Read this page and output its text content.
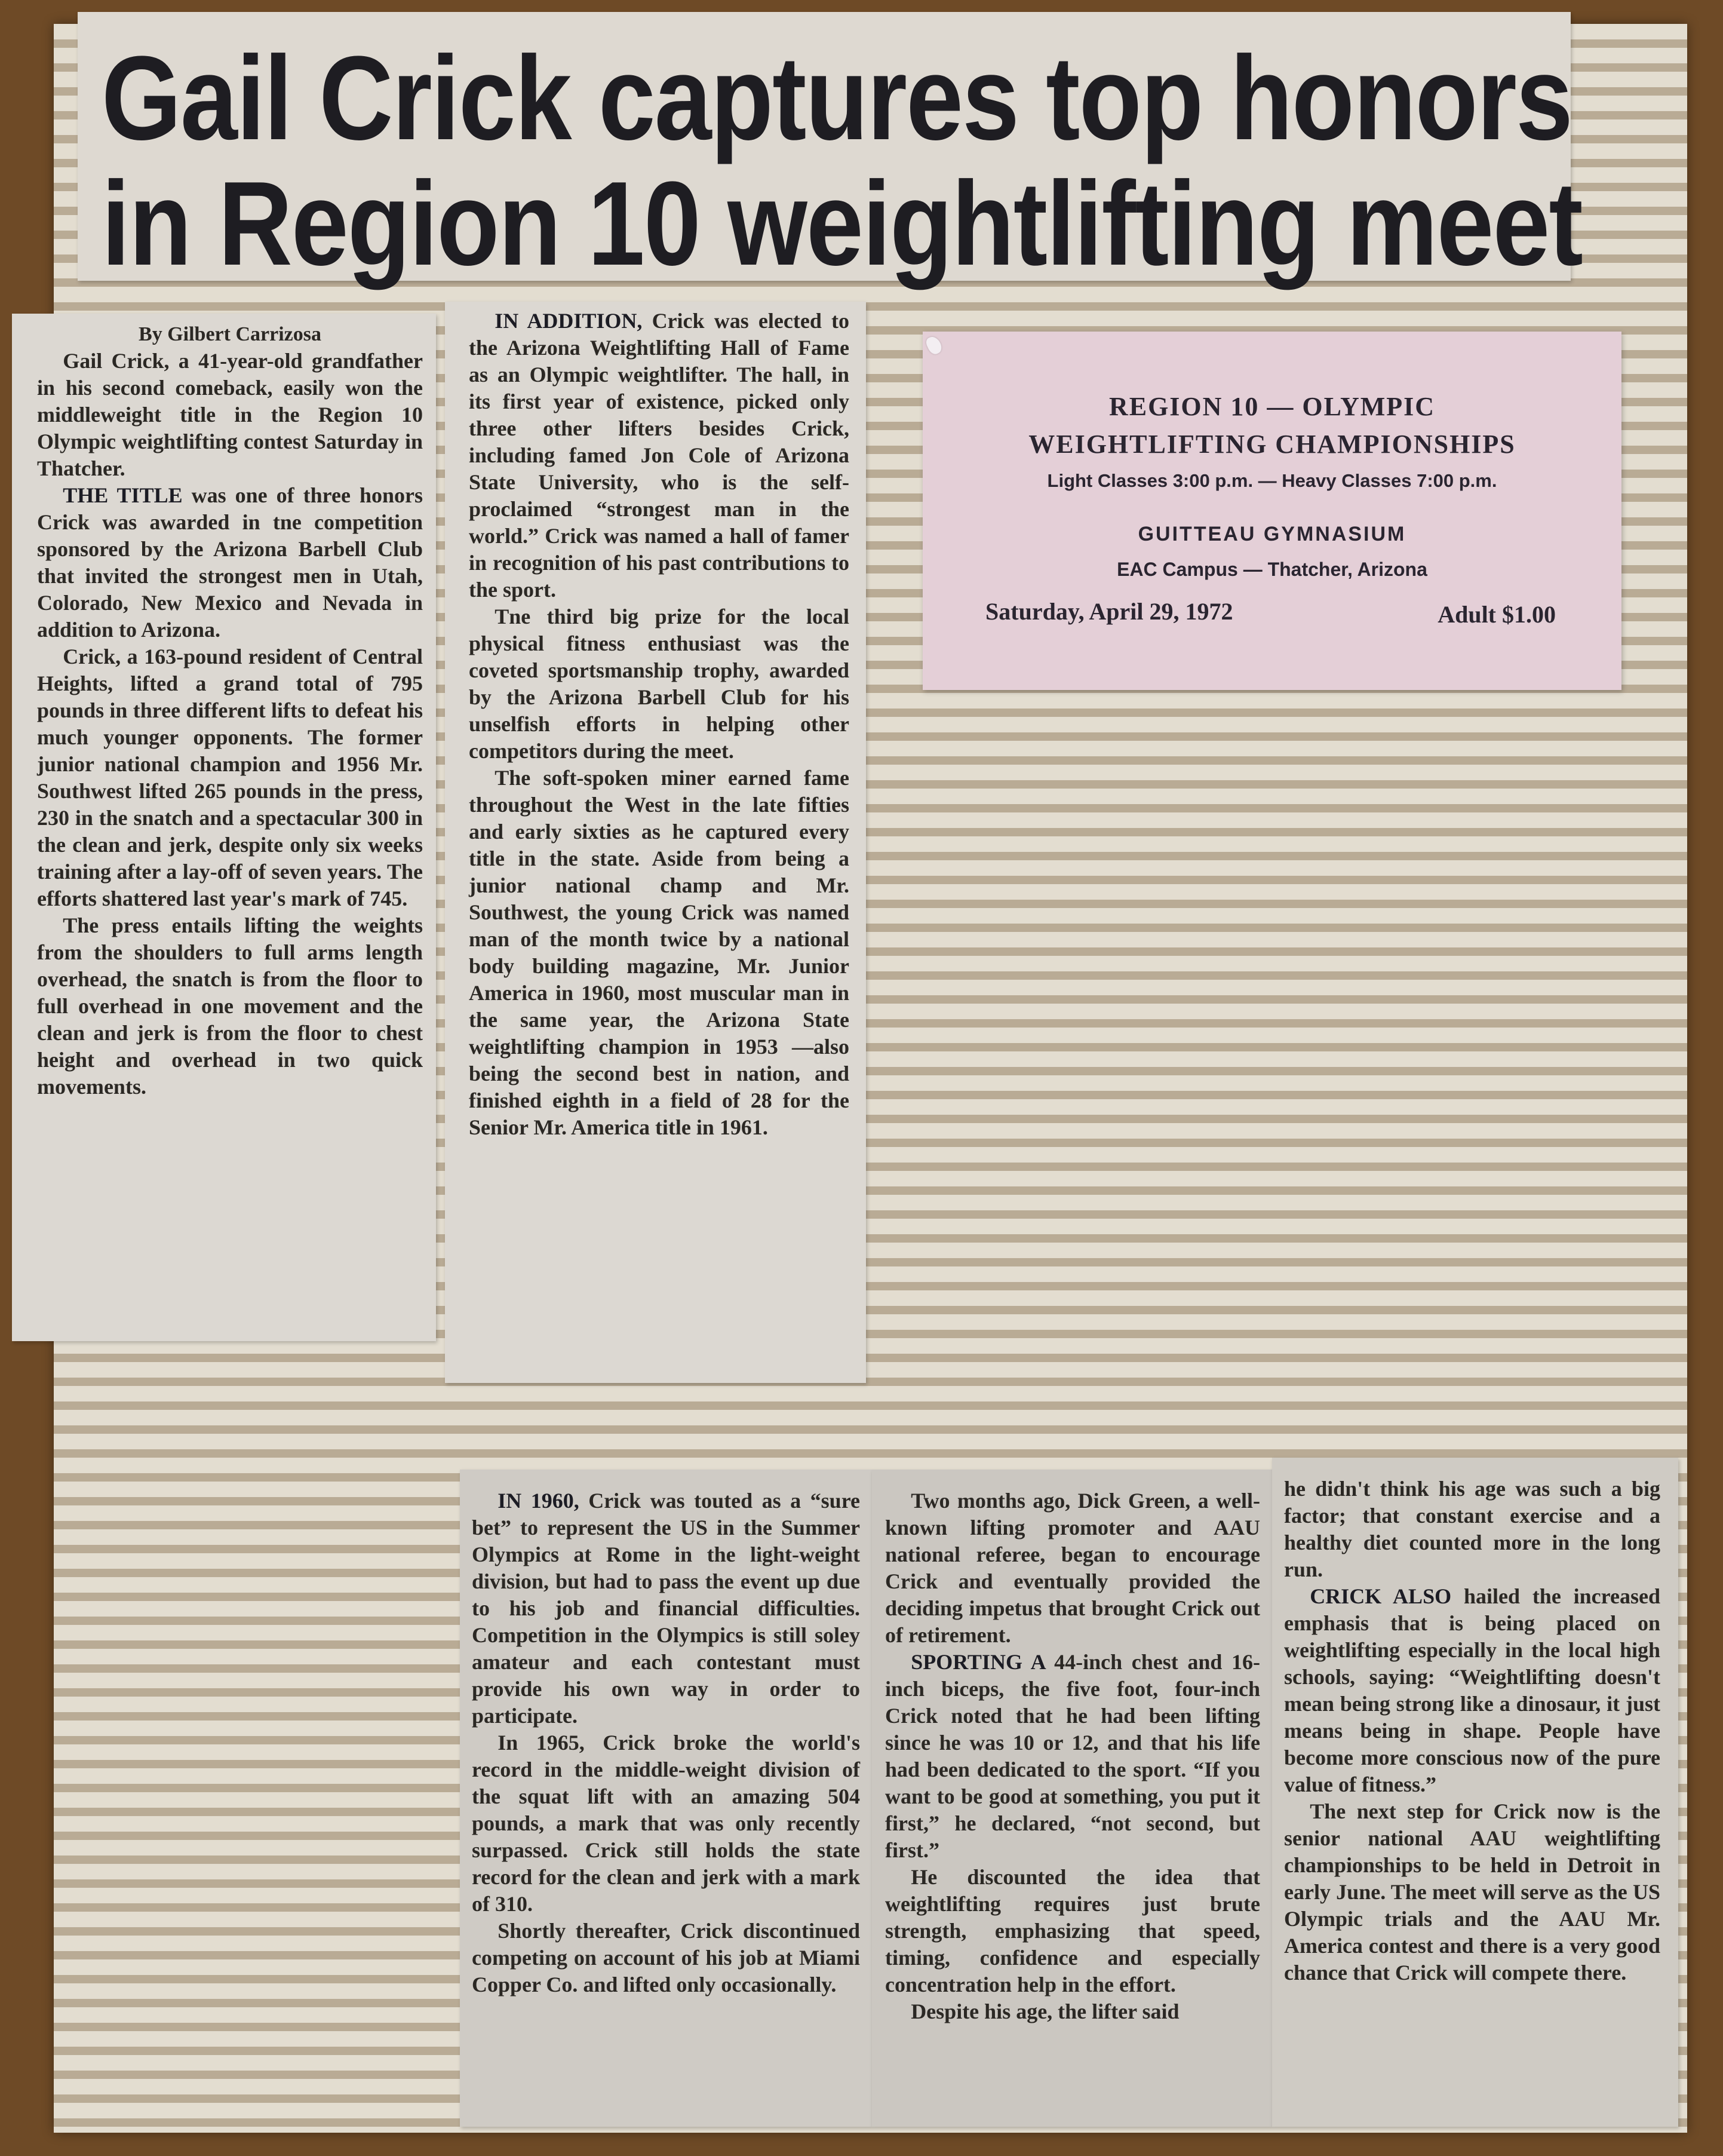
Gail Crick captures top honors
in Region 10 weightlifting meet

By Gilbert Carrizosa

Gail Crick, a 41-year-old grandfather in his second comeback, easily won the middleweight title in the Region 10 Olympic weightlifting contest Saturday in Thatcher.

THE TITLE was one of three honors Crick was awarded in tne competition sponsored by the Arizona Barbell Club that invited the strongest men in Utah, Colorado, New Mexico and Nevada in addition to Arizona.

Crick, a 163-pound resident of Central Heights, lifted a grand total of 795 pounds in three different lifts to defeat his much younger opponents. The former junior national champion and 1956 Mr. Southwest lifted 265 pounds in the press, 230 in the snatch and a spectacular 300 in the clean and jerk, despite only six weeks training after a lay-off of seven years. The efforts shattered last year's mark of 745.

The press entails lifting the weights from the shoulders to full arms length overhead, the snatch is from the floor to full overhead in one movement and the clean and jerk is from the floor to chest height and overhead in two quick movements.

IN ADDITION, Crick was elected to the Arizona Weightlifting Hall of Fame as an Olympic weightlifter. The hall, in its first year of existence, picked only three other lifters besides Crick, including famed Jon Cole of Arizona State University, who is the self-proclaimed “strongest man in the world.” Crick was named a hall of famer in recognition of his past contributions to the sport.

Tne third big prize for the local physical fitness enthusiast was the coveted sportsmanship trophy, awarded by the Arizona Barbell Club for his unselfish efforts in helping other competitors during the meet.

The soft-spoken miner earned fame throughout the West in the late fifties and early sixties as he captured every title in the state. Aside from being a junior national champ and Mr. Southwest, the young Crick was named man of the month twice by a national body building magazine, Mr. Junior America in 1960, most muscular man in the same year, the Arizona State weightlifting champion in 1953 —also being the second best in nation, and finished eighth in a field of 28 for the Senior Mr. America title in 1961.

REGION 10 — OLYMPIC
WEIGHTLIFTING CHAMPIONSHIPS
Light Classes 3:00 p.m. — Heavy Classes 7:00 p.m.
GUITTEAU GYMNASIUM
EAC Campus — Thatcher, Arizona
Saturday, April 29, 1972	Adult $1.00

IN 1960, Crick was touted as a “sure bet” to represent the US in the Summer Olympics at Rome in the light-weight division, but had to pass the event up due to his job and financial difficulties. Competition in the Olympics is still soley amateur and each contestant must provide his own way in order to participate.

In 1965, Crick broke the world's record in the middle-weight division of the squat lift with an amazing 504 pounds, a mark that was only recently surpassed. Crick still holds the state record for the clean and jerk with a mark of 310.

Shortly thereafter, Crick discontinued competing on account of his job at Miami Copper Co. and lifted only occasionally.

Two months ago, Dick Green, a well-known lifting promoter and AAU national referee, began to encourage Crick and eventually provided the deciding impetus that brought Crick out of retirement.

SPORTING A 44-inch chest and 16-inch biceps, the five foot, four-inch Crick noted that he had been lifting since he was 10 or 12, and that his life had been dedicated to the sport. “If you want to be good at something, you put it first,” he declared, “not second, but first.”

He discounted the idea that weightlifting requires just brute strength, emphasizing that speed, timing, confidence and especially concentration help in the effort.

Despite his age, the lifter said

he didn't think his age was such a big factor; that constant exercise and a healthy diet counted more in the long run.

CRICK ALSO hailed the increased emphasis that is being placed on weightlifting especially in the local high schools, saying: “Weightlifting doesn't mean being strong like a dinosaur, it just means being in shape. People have become more conscious now of the pure value of fitness.”

The next step for Crick now is the senior national AAU weightlifting championships to be held in Detroit in early June. The meet will serve as the US Olympic trials and the AAU Mr. America contest and there is a very good chance that Crick will compete there.
